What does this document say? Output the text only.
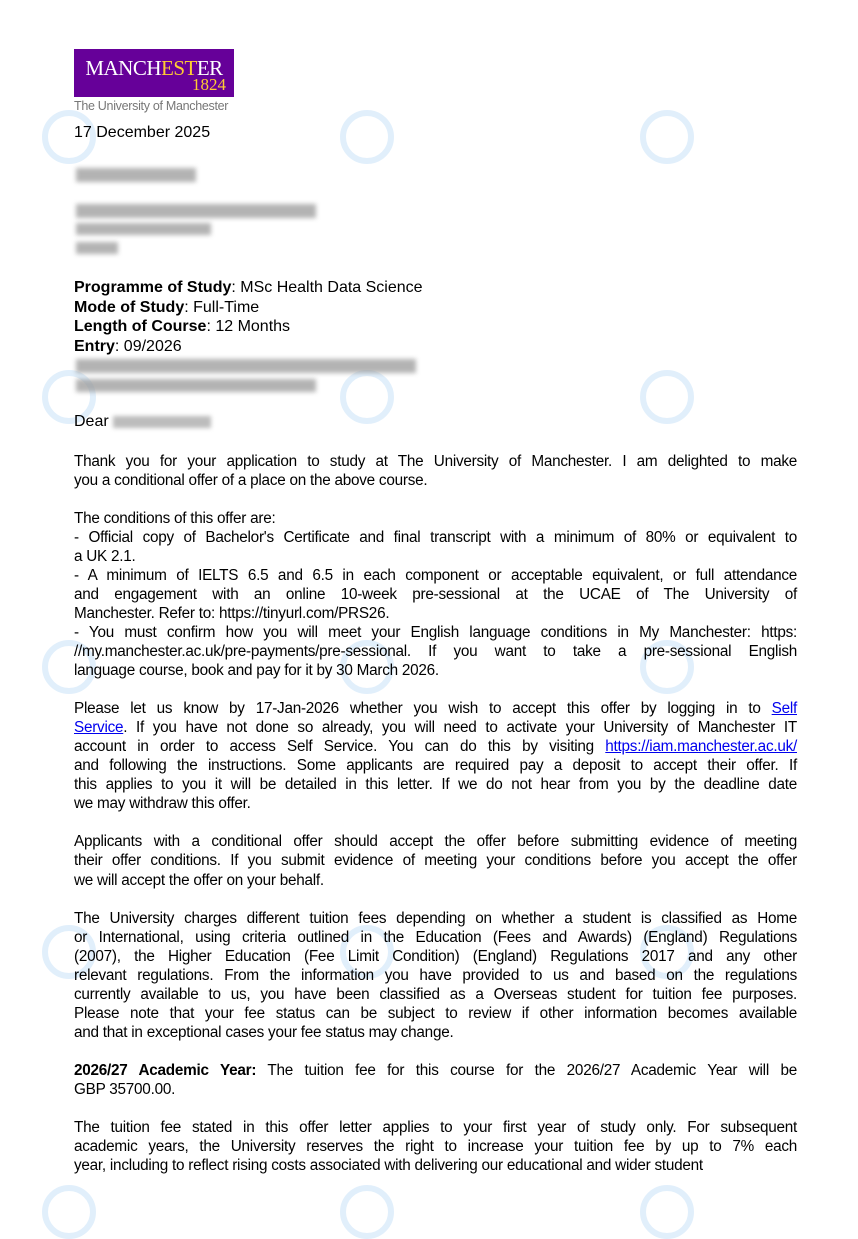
MANCHESTER
1824
The University of Manchester
17 December 2025
Programme of Study: MSc Health Data Science
Mode of Study: Full-Time
Length of Course: 12 Months
Entry: 09/2026
Dear
Thank you for your application to study at The University of Manchester. I am delighted to make
you a conditional offer of a place on the above course.
The conditions of this offer are:
- Official copy of Bachelor's Certificate and final transcript with a minimum of 80% or equivalent to
a UK 2.1.
- A minimum of IELTS 6.5 and 6.5 in each component or acceptable equivalent, or full attendance
and engagement with an online 10-week pre-sessional at the UCAE of The University of
Manchester. Refer to: https://tinyurl.com/PRS26.
- You must confirm how you will meet your English language conditions in My Manchester: https:
//my.manchester.ac.uk/pre-payments/pre-sessional. If you want to take a pre-sessional English
language course, book and pay for it by 30 March 2026.
Please let us know by 17-Jan-2026 whether you wish to accept this offer by logging in to Self
Service. If you have not done so already, you will need to activate your University of Manchester IT
account in order to access Self Service. You can do this by visiting https://iam.manchester.ac.uk/
and following the instructions. Some applicants are required pay a deposit to accept their offer. If
this applies to you it will be detailed in this letter. If we do not hear from you by the deadline date
we may withdraw this offer.
Applicants with a conditional offer should accept the offer before submitting evidence of meeting
their offer conditions. If you submit evidence of meeting your conditions before you accept the offer
we will accept the offer on your behalf.
The University charges different tuition fees depending on whether a student is classified as Home
or International, using criteria outlined in the Education (Fees and Awards) (England) Regulations
(2007), the Higher Education (Fee Limit Condition) (England) Regulations 2017 and any other
relevant regulations. From the information you have provided to us and based on the regulations
currently available to us, you have been classified as a Overseas student for tuition fee purposes.
Please note that your fee status can be subject to review if other information becomes available
and that in exceptional cases your fee status may change.
2026/27 Academic Year: The tuition fee for this course for the 2026/27 Academic Year will be
GBP 35700.00.
The tuition fee stated in this offer letter applies to your first year of study only. For subsequent
academic years, the University reserves the right to increase your tuition fee by up to 7% each
year, including to reflect rising costs associated with delivering our educational and wider student
